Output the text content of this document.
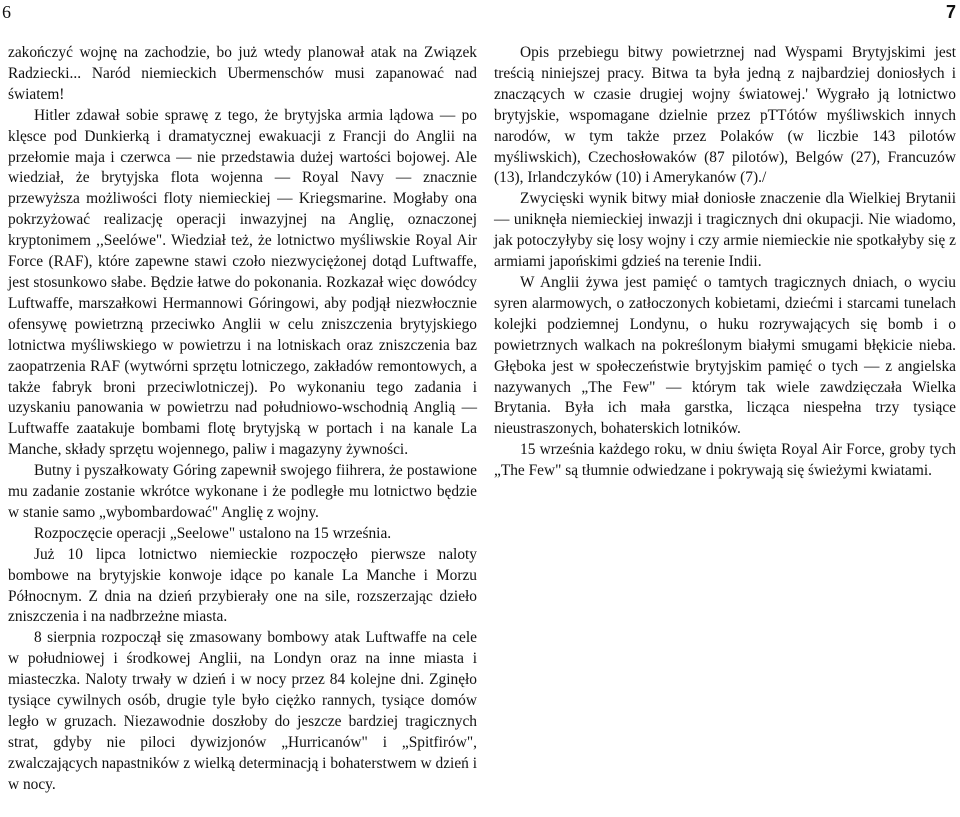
6	7

zakończyć wojnę na zachodzie, bo już wtedy planował atak na Związek Radziecki... Naród niemieckich Ubermenschów musi zapanować nad światem!

Hitler zdawał sobie sprawę z tego, że brytyjska armia lądowa — po klęsce pod Dunkierką i dramatycznej ewakuacji z Francji do Anglii na przełomie maja i czerwca — nie przedstawia dużej wartości bojowej. Ale wiedział, że brytyjska flota wojenna — Royal Navy — znacznie przewyższa możliwości floty niemieckiej — Kriegsmarine. Mogłaby ona pokrzyżować realizację operacji inwazyjnej na Anglię, oznaczonej kryptonimem ,,Seelówe". Wiedział też, że lotnictwo myśliwskie Royal Air Force (RAF), które zapewne stawi czoło niezwyciężonej dotąd Luftwaffe, jest stosunkowo słabe. Będzie łatwe do pokonania. Rozkazał więc dowódcy Luftwaffe, marszałkowi Hermannowi Góringowi, aby podjął niezwłocznie ofensywę powietrzną przeciwko Anglii w celu zniszczenia brytyjskiego lotnictwa myśliwskiego w powietrzu i na lotniskach oraz zniszczenia baz zaopatrzenia RAF (wytwórni sprzętu lotniczego, zakładów remontowych, a także fabryk broni przeciwlotniczej). Po wykonaniu tego zadania i uzyskaniu panowania w powietrzu nad południowo-wschodnią Anglią — Luftwaffe zaatakuje bombami flotę brytyjską w portach i na kanale La Manche, składy sprzętu wojennego, paliw i magazyny żywności.

Butny i pyszałkowaty Góring zapewnił swojego fiihrera, że postawione mu zadanie zostanie wkrótce wykonane i że podległe mu lotnictwo będzie w stanie samo „wybombardować" Anglię z wojny.

Rozpoczęcie operacji „Seelowe" ustalono na 15 września.

Już 10 lipca lotnictwo niemieckie rozpoczęło pierwsze naloty bombowe na brytyjskie konwoje idące po kanale La Manche i Morzu Północnym. Z dnia na dzień przybierały one na sile, rozszerzając dzieło zniszczenia i na nadbrzeżne miasta.

8 sierpnia rozpoczął się zmasowany bombowy atak Luftwaffe na cele w południowej i środkowej Anglii, na Londyn oraz na inne miasta i miasteczka. Naloty trwały w dzień i w nocy przez 84 kolejne dni. Zginęło tysiące cywilnych osób, drugie tyle było ciężko rannych, tysiące domów legło w gruzach. Niezawodnie doszłoby do jeszcze bardziej tragicznych strat, gdyby nie piloci dywizjonów „Hurricanów" i „Spitfirów", zwalczających napastników z wielką determinacją i bohaterstwem w dzień i w nocy.

Opis przebiegu bitwy powietrznej nad Wyspami Brytyjskimi jest treścią niniejszej pracy. Bitwa ta była jedną z najbardziej doniosłych i znaczących w czasie drugiej wojny światowej.' Wygrało ją lotnictwo brytyjskie, wspomagane dzielnie przez pTTótów myśliwskich innych narodów, w tym także przez Polaków (w liczbie 143 pilotów myśliwskich), Czechosłowaków (87 pilotów), Belgów (27), Francuzów (13), Irlandczyków (10) i Amerykanów (7)./

Zwycięski wynik bitwy miał doniosłe znaczenie dla Wielkiej Brytanii — uniknęła niemieckiej inwazji i tragicznych dni okupacji. Nie wiadomo, jak potoczyłyby się losy wojny i czy armie niemieckie nie spotkałyby się z armiami japońskimi gdzieś na terenie Indii.

W Anglii żywa jest pamięć o tamtych tragicznych dniach, o wyciu syren alarmowych, o zatłoczonych kobietami, dziećmi i starcami tunelach kolejki podziemnej Londynu, o huku rozrywających się bomb i o powietrznych walkach na pokreślonym białymi smugami błękicie nieba. Głęboka jest w społeczeństwie brytyjskim pamięć o tych — z angielska nazywanych „The Few" — którym tak wiele zawdzięczała Wielka Brytania. Była ich mała garstka, licząca niespełna trzy tysiące nieustraszonych, bohaterskich lotników.

15 września każdego roku, w dniu święta Royal Air Force, groby tych „The Few" są tłumnie odwiedzane i pokrywają się świeżymi kwiatami.
